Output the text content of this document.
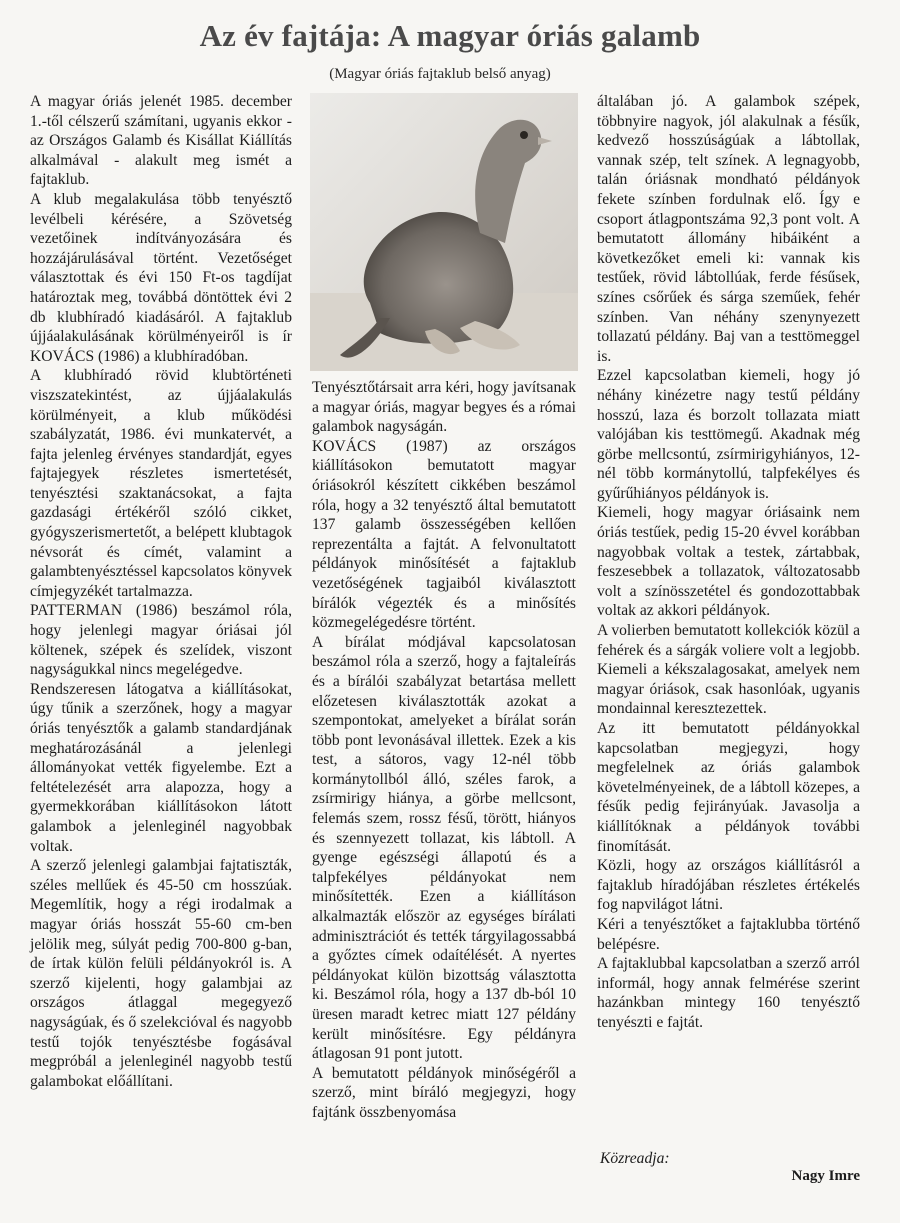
Az év fajtája: A magyar óriás galamb
(Magyar óriás fajtaklub belső anyag)

A magyar óriás jelenét 1985. december 1.-től célszerű számítani, ugyanis ekkor - az Országos Galamb és Kisállat Kiállítás alkalmával - alakult meg ismét a fajtaklub.

A klub megalakulása több tenyésztő levélbeli kérésére, a Szövetség vezetőinek indítványozására és hozzájárulásával történt. Vezetőséget választottak és évi 150 Ft-os tagdíjat határoztak meg, továbbá döntöttek évi 2 db klubhíradó kiadásáról. A fajtaklub újjáalakulásának körülményeiről is ír KOVÁCS (1986) a klubhíradóban.

A klubhíradó rövid klubtörténeti viszszatekintést, az újjáalakulás körülményeit, a klub működési szabályzatát, 1986. évi munkatervét, a fajta jelenleg érvényes standardját, egyes fajtajegyek részletes ismertetését, tenyésztési szaktanácsokat, a fajta gazdasági értékéről szóló cikket, gyógyszerismertetőt, a belépett klubtagok névsorát és címét, valamint a galambtenyésztéssel kapcsolatos könyvek címjegyzékét tartalmazza.

PATTERMAN (1986) beszámol róla, hogy jelenlegi magyar óriásai jól költenek, szépek és szelídek, viszont nagyságukkal nincs megelégedve.

Rendszeresen látogatva a kiállításokat, úgy tűnik a szerzőnek, hogy a magyar óriás tenyésztők a galamb standardjának meghatározásánál a jelenlegi állományokat vették figyelembe. Ezt a feltételezését arra alapozza, hogy a gyermekkorában kiállításokon látott galambok a jelenleginél nagyobbak voltak.

A szerző jelenlegi galambjai fajtatiszták, széles mellűek és 45-50 cm hosszúak. Megemlítik, hogy a régi irodalmak a magyar óriás hosszát 55-60 cm-ben jelölik meg, súlyát pedig 700-800 g-ban, de írtak külön felüli példányokról is. A szerző kijelenti, hogy galambjai az országos átlaggal megegyező nagyságúak, és ő szelekcióval és nagyobb testű tojók tenyésztésbe fogásával megpróbál a jelenleginél nagyobb testű galambokat előállítani.

Tenyésztőtársait arra kéri, hogy javítsanak a magyar óriás, magyar begyes és a római galambok nagyságán.

KOVÁCS (1987) az országos kiállításokon bemutatott magyar óriásokról készített cikkében beszámol róla, hogy a 32 tenyésztő által bemutatott 137 galamb összességében kellően reprezentálta a fajtát. A felvonultatott példányok minősítését a fajtaklub vezetőségének tagjaiból kiválasztott bírálók végezték és a minősítés közmegelégedésre történt.

A bírálat módjával kapcsolatosan beszámol róla a szerző, hogy a fajtaleírás és a bírálói szabályzat betartása mellett előzetesen kiválasztották azokat a szempontokat, amelyeket a bírálat során több pont levonásával illettek. Ezek a kis test, a sátoros, vagy 12-nél több kormánytollból álló, széles farok, a zsírmirigy hiánya, a görbe mellcsont, felemás szem, rossz fésű, törött, hiányos és szennyezett tollazat, kis lábtoll. A gyenge egészségi állapotú és a talpfekélyes példányokat nem minősítették. Ezen a kiállításon alkalmazták először az egységes bírálati adminisztrációt és tették tárgyilagossabbá a győztes címek odaítélését. A nyertes példányokat külön bizottság választotta ki. Beszámol róla, hogy a 137 db-ból 10 üresen maradt ketrec miatt 127 példány került minősítésre. Egy példányra átlagosan 91 pont jutott.

A bemutatott példányok minőségéről a szerző, mint bíráló megjegyzi, hogy fajtánk összbenyomása

általában jó. A galambok szépek, többnyire nagyok, jól alakulnak a fésűk, kedvező hosszúságúak a lábtollak, vannak szép, telt színek. A legnagyobb, talán óriásnak mondható példányok fekete színben fordulnak elő. Így e csoport átlagpontszáma 92,3 pont volt. A bemutatott állomány hibáiként a következőket emeli ki: vannak kis testűek, rövid lábtollúak, ferde fésűsek, színes csőrűek és sárga szeműek, fehér színben. Van néhány szenynyezett tollazatú példány. Baj van a testtömeggel is.

Ezzel kapcsolatban kiemeli, hogy jó néhány kinézetre nagy testű példány hosszú, laza és borzolt tollazata miatt valójában kis testtömegű. Akadnak még görbe mellcsontú, zsírmirigyhiányos, 12-nél több kormánytollú, talpfekélyes és gyűrűhiányos példányok is.

Kiemeli, hogy magyar óriásaink nem óriás testűek, pedig 15-20 évvel korábban nagyobbak voltak a testek, zártabbak, feszesebbek a tollazatok, változatosabb volt a színösszetétel és gondozottabbak voltak az akkori példányok.

A volierben bemutatott kollekciók közül a fehérek és a sárgák voliere volt a legjobb. Kiemeli a kékszalagosakat, amelyek nem magyar óriások, csak hasonlóak, ugyanis mondainnal keresztezettek.

Az itt bemutatott példányokkal kapcsolatban megjegyzi, hogy megfelelnek az óriás galambok követelményeinek, de a lábtoll közepes, a fésűk pedig fejirányúak. Javasolja a kiállítóknak a példányok további finomítását.

Közli, hogy az országos kiállításról a fajtaklub híradójában részletes értékelés fog napvilágot látni.

Kéri a tenyésztőket a fajtaklubba történő belépésre.

A fajtaklubbal kapcsolatban a szerző arról informál, hogy annak felmérése szerint hazánkban mintegy 160 tenyésztő tenyészti e fajtát.

Közreadja:
Nagy Imre
